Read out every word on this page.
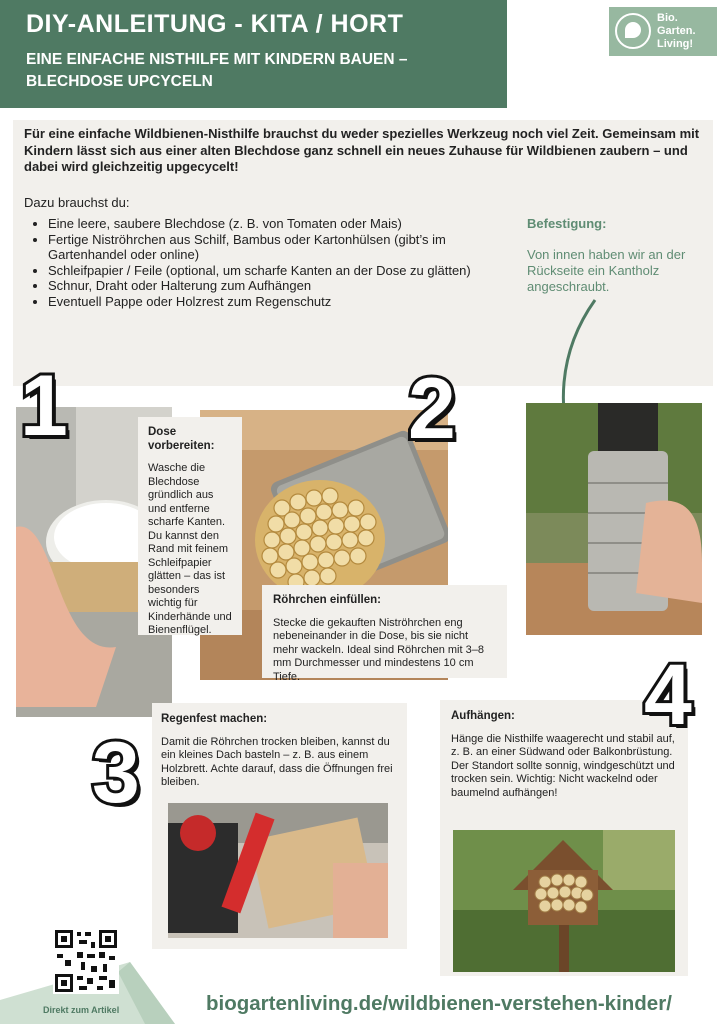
DIY-ANLEITUNG - KITA / HORT
EINE EINFACHE NISTHILFE MIT KINDERN BAUEN – BLECHDOSE UPCYCELN
Bio.
Garten.
Living!
Für eine einfache Wildbienen-Nisthilfe brauchst du weder spezielles Werkzeug noch viel Zeit. Gemeinsam mit Kindern lässt sich aus einer alten Blechdose ganz schnell ein neues Zuhause für Wildbienen zaubern – und dabei wird gleichzeitig upgecycelt!
Dazu brauchst du:
• Eine leere, saubere Blechdose (z. B. von Tomaten oder Mais)
• Fertige Niströhrchen aus Schilf, Bambus oder Kartonhülsen (gibt’s im Gartenhandel oder online)
• Schleifpapier / Feile (optional, um scharfe Kanten an der Dose zu glätten)
• Schnur, Draht oder Halterung zum Aufhängen
• Eventuell Pappe oder Holzrest zum Regenschutz
Befestigung:
Von innen haben wir an der Rückseite ein Kantholz angeschraubt.
1	2
Dose vorbereiten:
Wasche die Blechdose gründlich aus und entferne scharfe Kanten. Du kannst den Rand mit feinem Schleifpapier glätten – das ist besonders wichtig für Kinderhände und Bienenflügel.
Röhrchen einfüllen:
Stecke die gekauften Niströhrchen eng nebeneinander in die Dose, bis sie nicht mehr wackeln. Ideal sind Röhrchen mit 3–8 mm Durchmesser und mindestens 10 cm Tiefe.
Regenfest machen:
Damit die Röhrchen trocken bleiben, kannst du ein kleines Dach basteln – z. B. aus einem Holzbrett. Achte darauf, dass die Öffnungen frei bleiben.
3
Aufhängen:
Hänge die Nisthilfe waagerecht und stabil auf, z. B. an einer Südwand oder Balkonbrüstung. Der Standort sollte sonnig, windgeschützt und trocken sein. Wichtig: Nicht wackelnd oder baumelnd aufhängen!
4
Direkt zum Artikel	biogartenliving.de/wildbienen-verstehen-kinder/
